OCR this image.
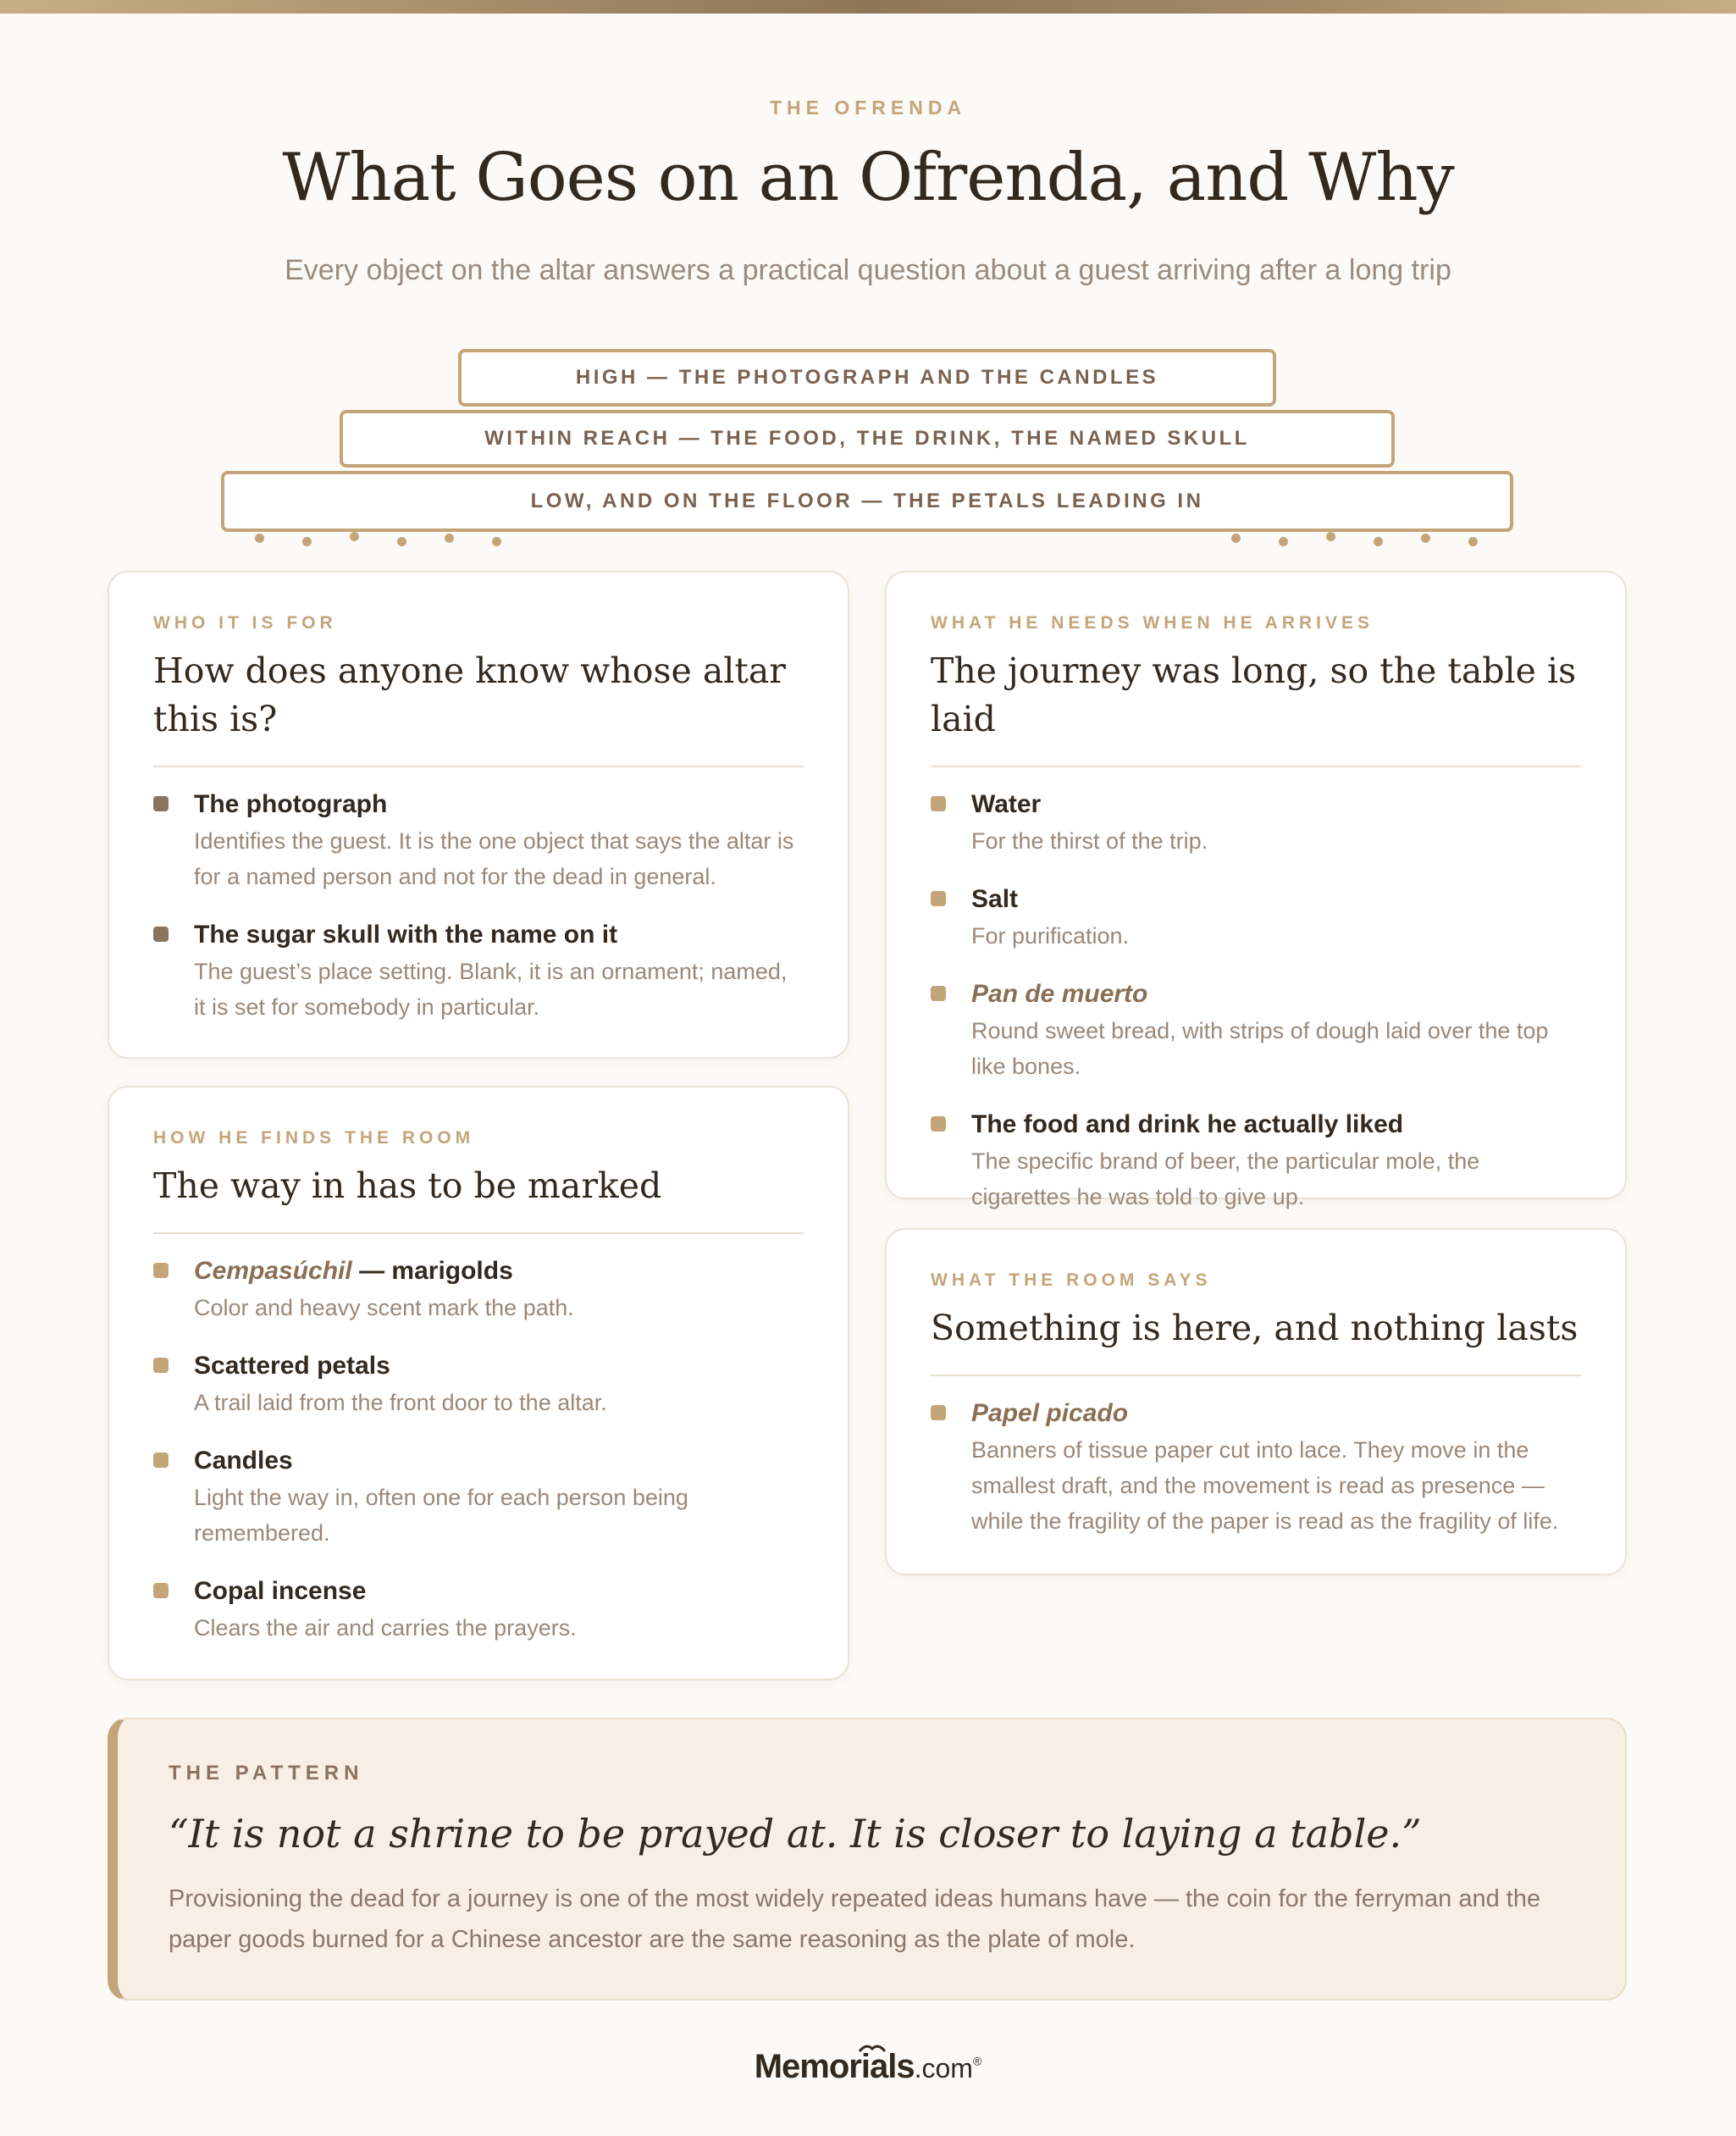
THE OFRENDA
What Goes on an Ofrenda, and Why
Every object on the altar answers a practical question about a guest arriving after a long trip
HIGH — THE PHOTOGRAPH AND THE CANDLES
WITHIN REACH — THE FOOD, THE DRINK, THE NAMED SKULL
LOW, AND ON THE FLOOR — THE PETALS LEADING IN
WHO IT IS FOR
How does anyone know whose altar this is?
The photograph
Identifies the guest. It is the one object that says the altar is for a named person and not for the dead in general.
The sugar skull with the name on it
The guest’s place setting. Blank, it is an ornament; named, it is set for somebody in particular.
WHAT HE NEEDS WHEN HE ARRIVES
The journey was long, so the table is laid
Water
For the thirst of the trip.
Salt
For purification.
Pan de muerto
Round sweet bread, with strips of dough laid over the top like bones.
The food and drink he actually liked
The specific brand of beer, the particular mole, the cigarettes he was told to give up.
HOW HE FINDS THE ROOM
The way in has to be marked
Cempasúchil — marigolds
Color and heavy scent mark the path.
Scattered petals
A trail laid from the front door to the altar.
Candles
Light the way in, often one for each person being remembered.
Copal incense
Clears the air and carries the prayers.
WHAT THE ROOM SAYS
Something is here, and nothing lasts
Papel picado
Banners of tissue paper cut into lace. They move in the smallest draft, and the movement is read as presence — while the fragility of the paper is read as the fragility of life.
THE PATTERN
“It is not a shrine to be prayed at. It is closer to laying a table.”
Provisioning the dead for a journey is one of the most widely repeated ideas humans have — the coin for the ferryman and the paper goods burned for a Chinese ancestor are the same reasoning as the plate of mole.
Memorials.com®
